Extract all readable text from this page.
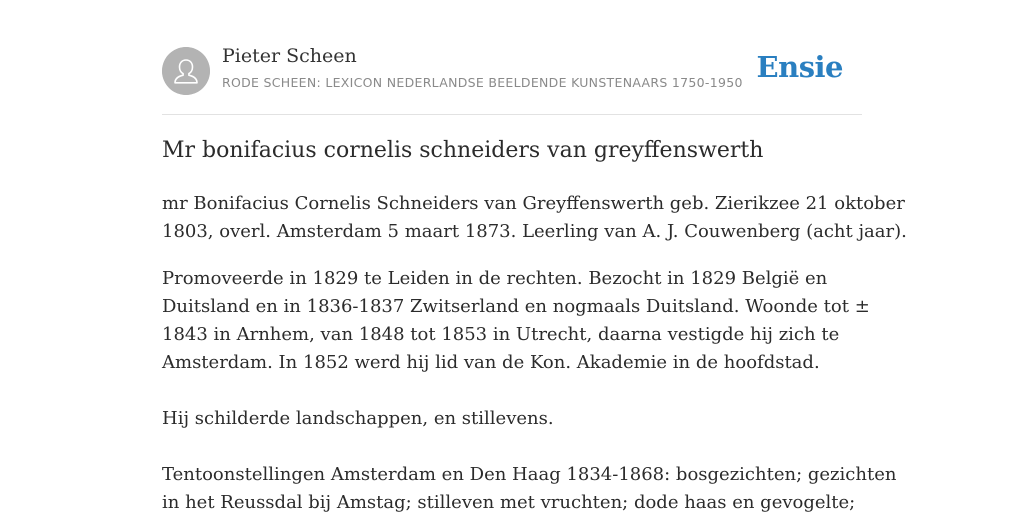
Pieter Scheen
RODE SCHEEN: LEXICON NEDERLANDSE BEELDENDE KUNSTENAARS 1750-1950 Ensie
Mr bonifacius cornelis schneiders van greyffenswerth

mr Bonifacius Cornelis Schneiders van Greyffenswerth geb. Zierikzee 21 oktober
1803, overl. Amsterdam 5 maart 1873. Leerling van A. J. Couwenberg (acht jaar).

Promoveerde in 1829 te Leiden in de rechten. Bezocht in 1829 België en
Duitsland en in 1836-1837 Zwitserland en nogmaals Duitsland. Woonde tot ±
1843 in Arnhem, van 1848 tot 1853 in Utrecht, daarna vestigde hij zich te
Amsterdam. In 1852 werd hij lid van de Kon. Akademie in de hoofdstad.

Hij schilderde landschappen, en stillevens.

Tentoonstellingen Amsterdam en Den Haag 1834-1868: bosgezichten; gezichten
in het Reussdal bij Amstag; stilleven met vruchten; dode haas en gevogelte;
